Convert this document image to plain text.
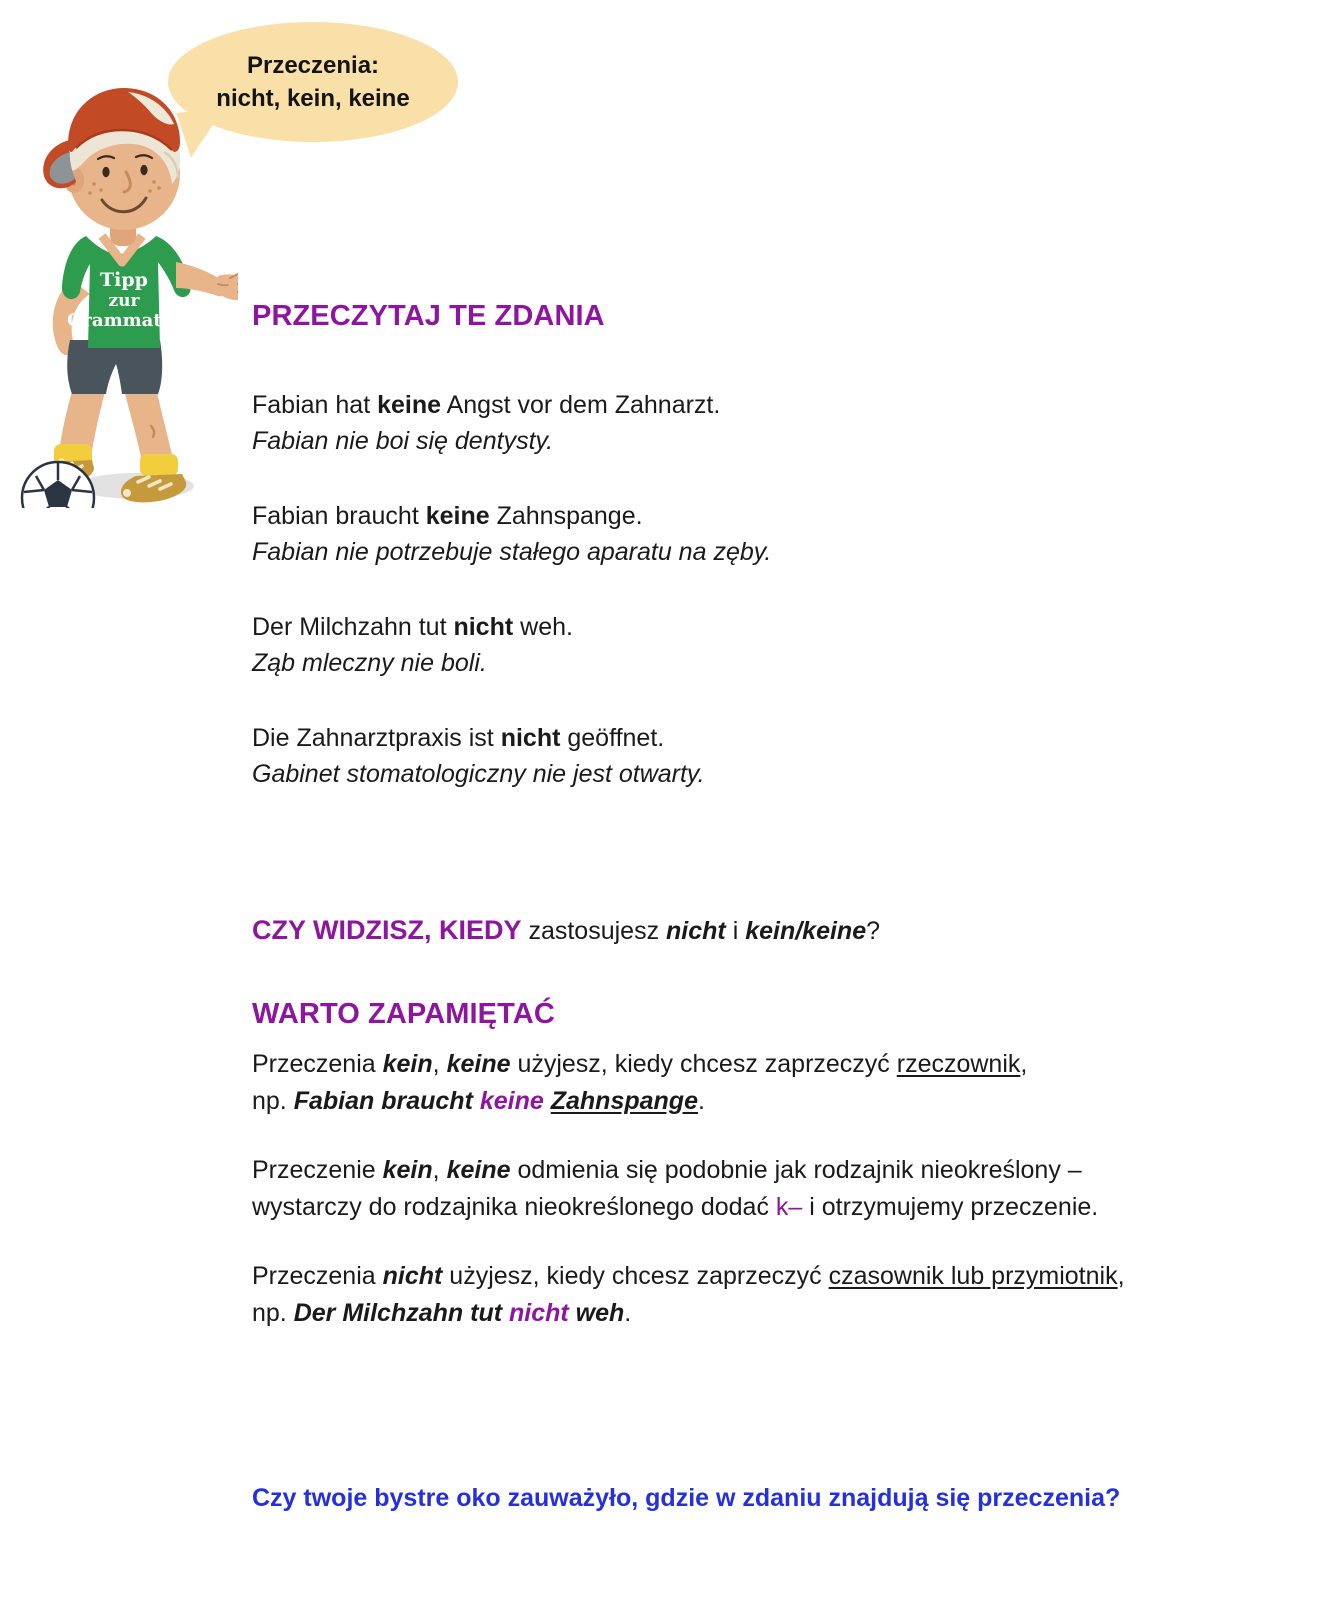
Tipp
zur
Grammatik
Przeczenia:
nicht, kein, keine
PRZECZYTAJ TE ZDANIA
Fabian hat keine Angst vor dem Zahnarzt.
Fabian nie boi się dentysty.
Fabian braucht keine Zahnspange.
Fabian nie potrzebuje stałego aparatu na zęby.
Der Milchzahn tut nicht weh.
Ząb mleczny nie boli.
Die Zahnarztpraxis ist nicht geöffnet.
Gabinet stomatologiczny nie jest otwarty.
CZY WIDZISZ, KIEDY zastosujesz nicht i kein/keine?
WARTO ZAPAMIĘTAĆ
Przeczenia kein, keine użyjesz, kiedy chcesz zaprzeczyć rzeczownik,
np. Fabian braucht keine Zahnspange.
Przeczenie kein, keine odmienia się podobnie jak rodzajnik nieokreślony –
wystarczy do rodzajnika nieokreślonego dodać k– i otrzymujemy przeczenie.
Przeczenia nicht użyjesz, kiedy chcesz zaprzeczyć czasownik lub przymiotnik,
np. Der Milchzahn tut nicht weh.
Czy twoje bystre oko zauważyło, gdzie w zdaniu znajdują się przeczenia?
